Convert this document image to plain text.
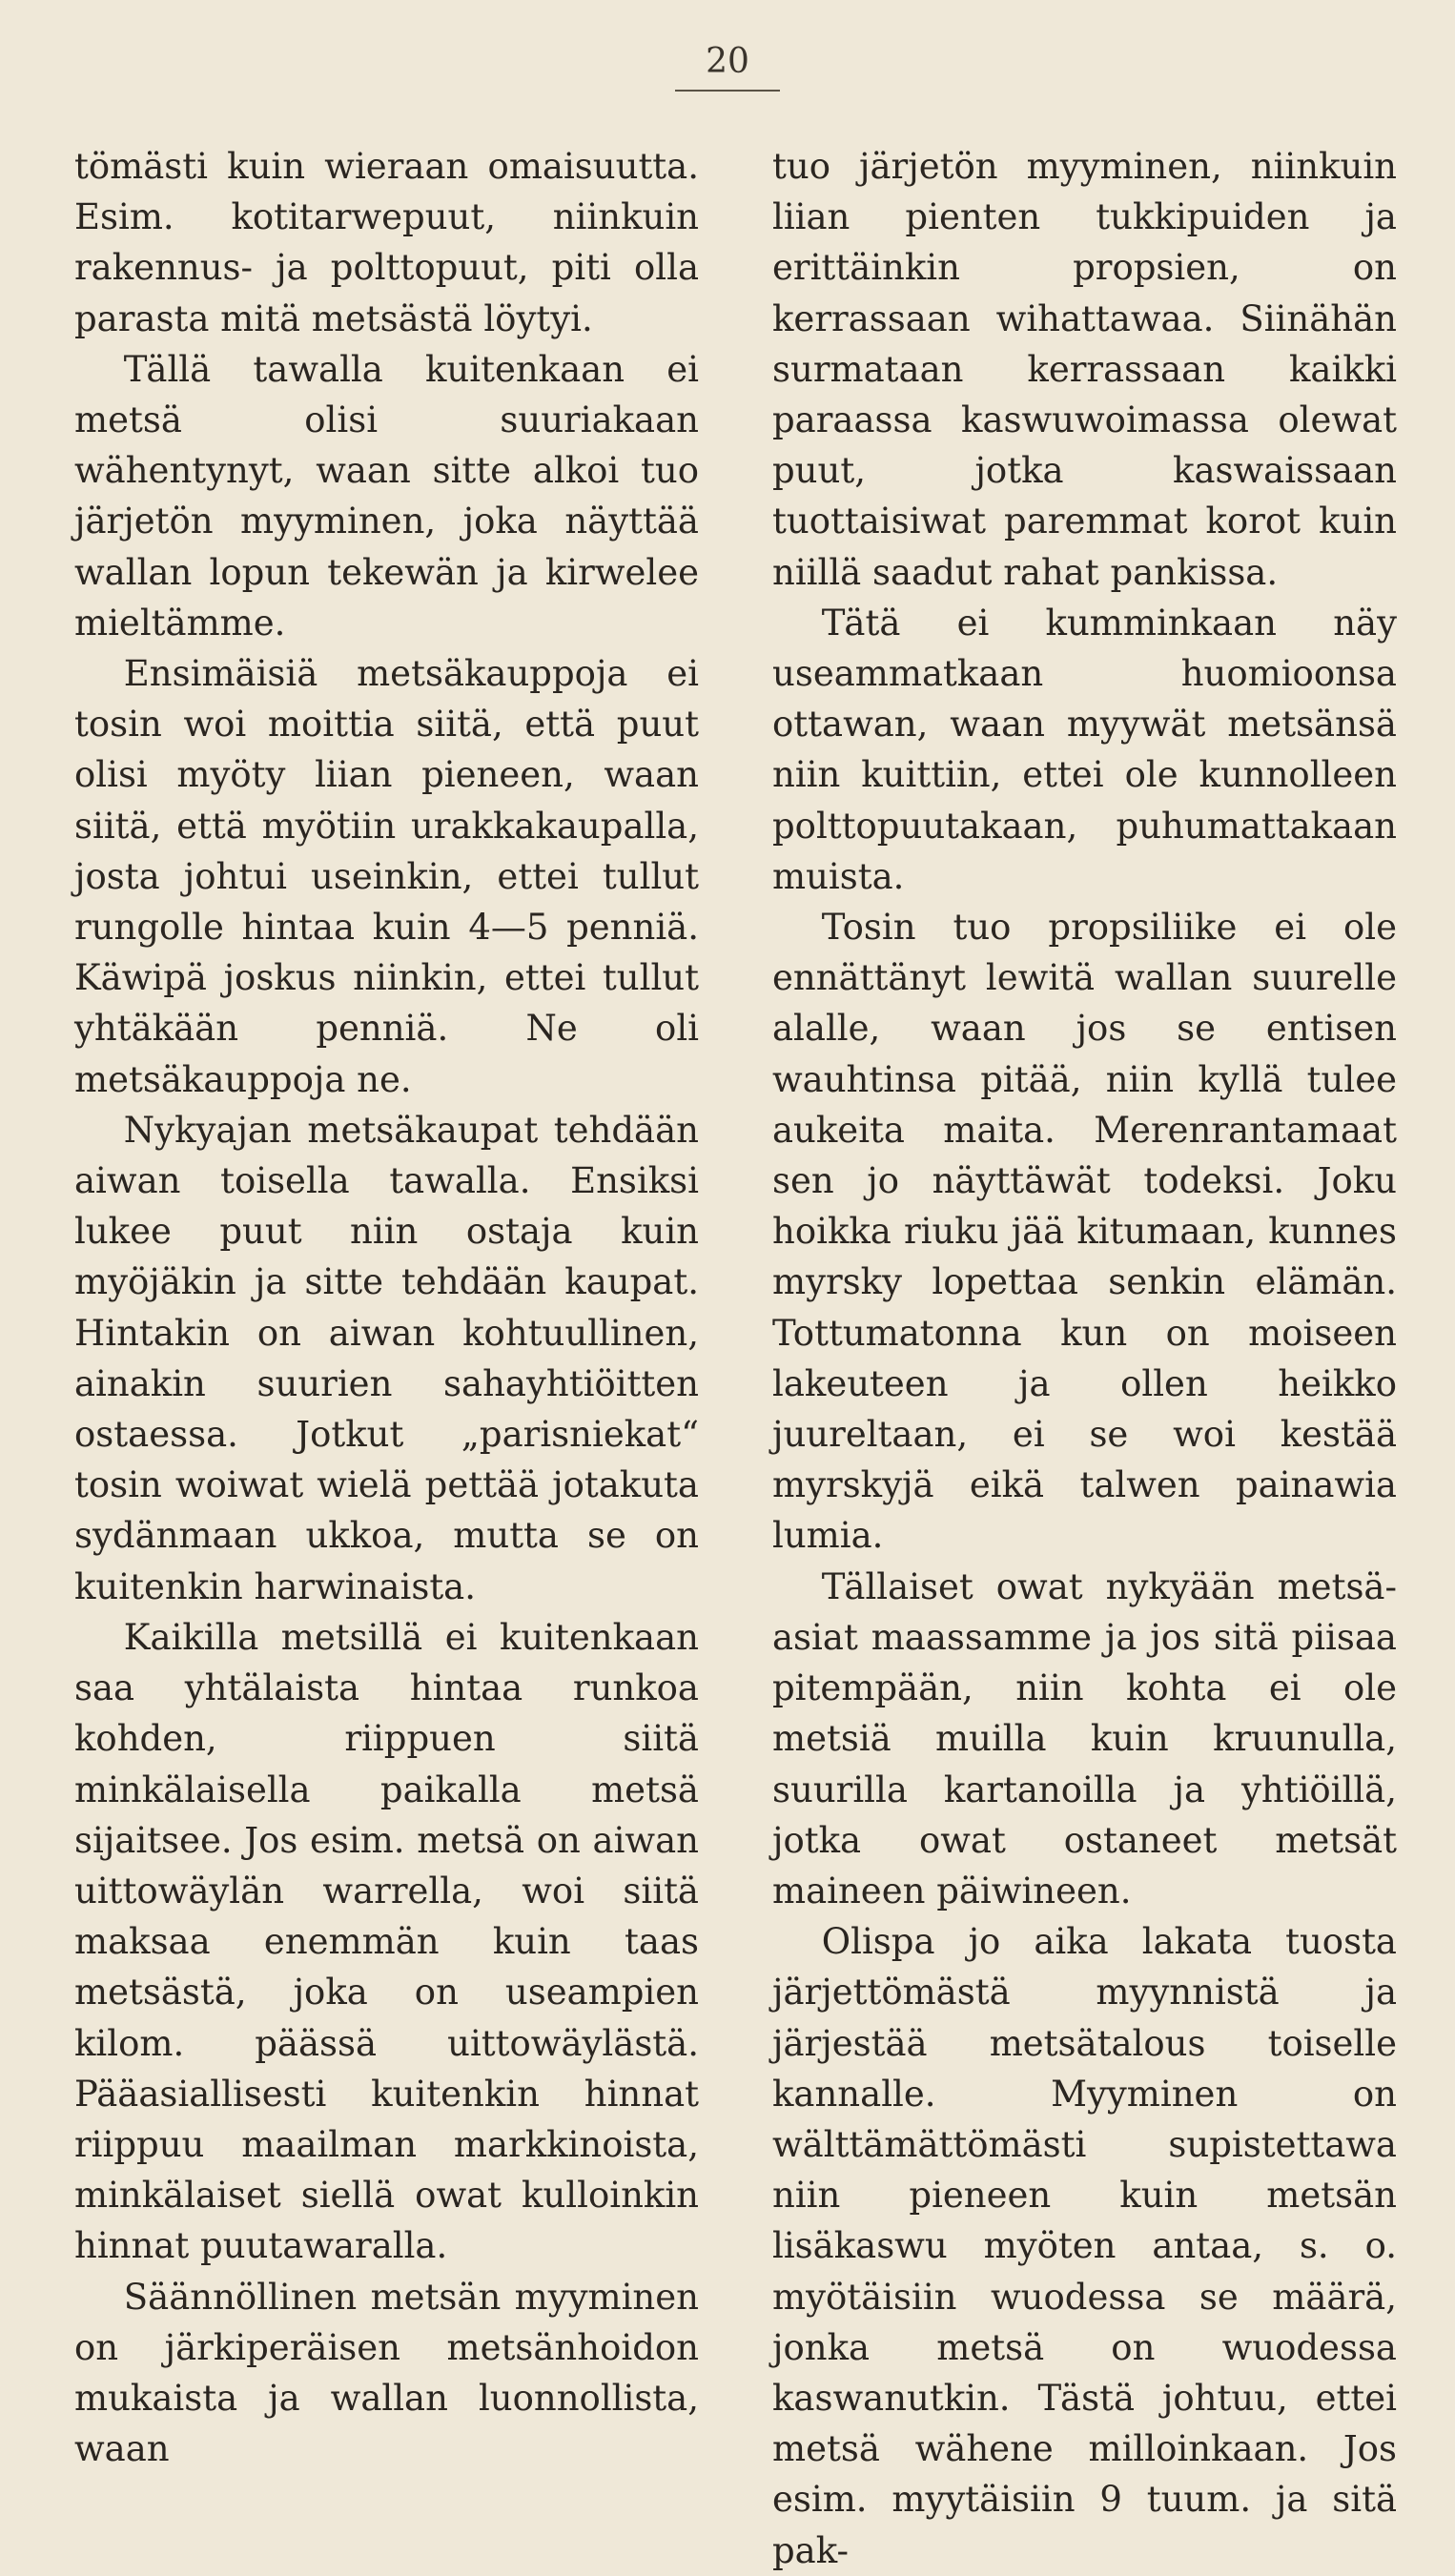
20

tömästi kuin wieraan omaisuutta. Esim. kotitarwepuut, niinkuin rakennus- ja polttopuut, piti olla parasta mitä metsästä löytyi.

Tällä tawalla kuitenkaan ei metsä olisi suuriakaan wähentynyt, waan sitte alkoi tuo järjetön myyminen, joka näyttää wallan lopun tekewän ja kirwelee mieltämme.

Ensimäisiä metsäkauppoja ei tosin woi moittia siitä, että puut olisi myöty liian pieneen, waan siitä, että myötiin urakkakaupalla, josta johtui useinkin, ettei tullut rungolle hintaa kuin 4—5 penniä. Käwipä joskus niinkin, ettei tullut yhtäkään penniä. Ne oli metsäkauppoja ne.

Nykyajan metsäkaupat tehdään aiwan toisella tawalla. Ensiksi lukee puut niin ostaja kuin myöjäkin ja sitte tehdään kaupat. Hintakin on aiwan kohtuullinen, ainakin suurien sahayhtiöitten ostaessa. Jotkut „parisniekat“ tosin woiwat wielä pettää jotakuta sydänmaan ukkoa, mutta se on kuitenkin harwinaista.

Kaikilla metsillä ei kuitenkaan saa yhtälaista hintaa runkoa kohden, riippuen siitä minkälaisella paikalla metsä sijaitsee. Jos esim. metsä on aiwan uittowäylän warrella, woi siitä maksaa enemmän kuin taas metsästä, joka on useampien kilom. päässä uittowäylästä. Pääasiallisesti kuitenkin hinnat riippuu maailman markkinoista, minkälaiset siellä owat kulloinkin hinnat puutawaralla.

Säännöllinen metsän myyminen on järkiperäisen metsänhoidon mukaista ja wallan luonnollista, waan

tuo järjetön myyminen, niinkuin liian pienten tukkipuiden ja erittäinkin propsien, on kerrassaan wihattawaa. Siinähän surmataan kerrassaan kaikki paraassa kaswuwoimassa olewat puut, jotka kaswaissaan tuottaisiwat paremmat korot kuin niillä saadut rahat pankissa.

Tätä ei kumminkaan näy useammatkaan huomioonsa ottawan, waan myywät metsänsä niin kuittiin, ettei ole kunnolleen polttopuutakaan, puhumattakaan muista.

Tosin tuo propsiliike ei ole ennättänyt lewitä wallan suurelle alalle, waan jos se entisen wauhtinsa pitää, niin kyllä tulee aukeita maita. Merenrantamaat sen jo näyttäwät todeksi. Joku hoikka riuku jää kitumaan, kunnes myrsky lopettaa senkin elämän. Tottumatonna kun on moiseen lakeuteen ja ollen heikko juureltaan, ei se woi kestää myrskyjä eikä talwen painawia lumia.

Tällaiset owat nykyään metsä-asiat maassamme ja jos sitä piisaa pitempään, niin kohta ei ole metsiä muilla kuin kruunulla, suurilla kartanoilla ja yhtiöillä, jotka owat ostaneet metsät maineen päiwineen.

Olispa jo aika lakata tuosta järjettömästä myynnistä ja järjestää metsätalous toiselle kannalle. Myyminen on wälttämättömästi supistettawa niin pieneen kuin metsän lisäkaswu myöten antaa, s. o. myötäisiin wuodessa se määrä, jonka metsä on wuodessa kaswanutkin. Tästä johtuu, ettei metsä wähene milloinkaan. Jos esim. myytäisiin 9 tuum. ja sitä pak-
